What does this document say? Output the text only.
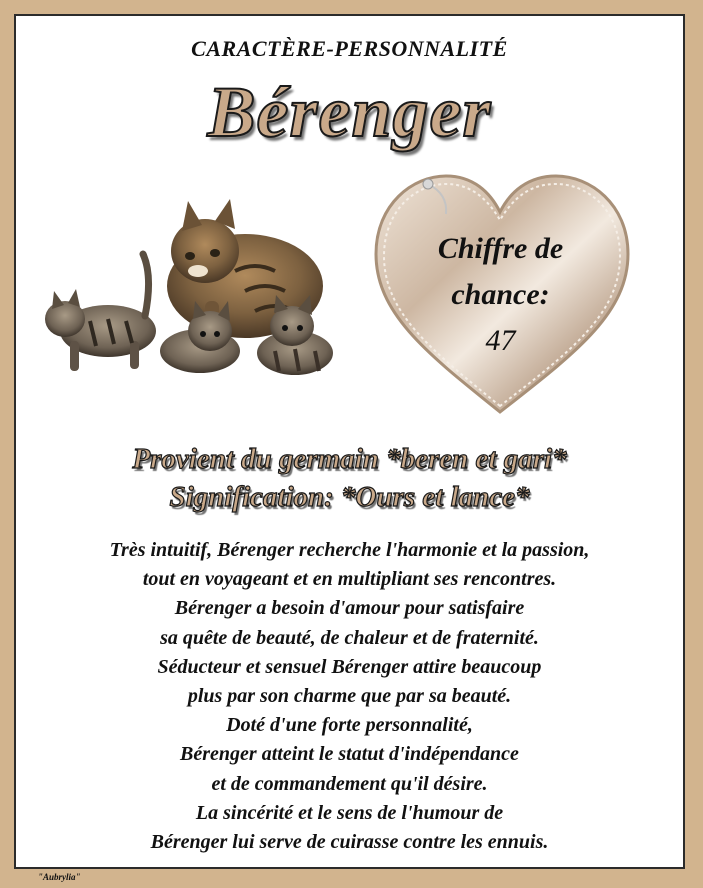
CARACTÈRE-PERSONNALITÉ
Bérenger
Chiffre de
chance:
47
Provient du germain *beren et gari*
Signification: *Ours et lance*
Très intuitif, Bérenger recherche l'harmonie et la passion,
tout en voyageant et en multipliant ses rencontres.
Bérenger a besoin d'amour pour satisfaire
sa quête de beauté, de chaleur et de fraternité.
Séducteur et sensuel Bérenger attire beaucoup
plus par son charme que par sa beauté.
Doté d'une forte personnalité,
Bérenger atteint le statut d'indépendance
et de commandement qu'il désire.
La sincérité et le sens de l'humour de
Bérenger lui serve de cuirasse contre les ennuis.
"Aubrylia"
